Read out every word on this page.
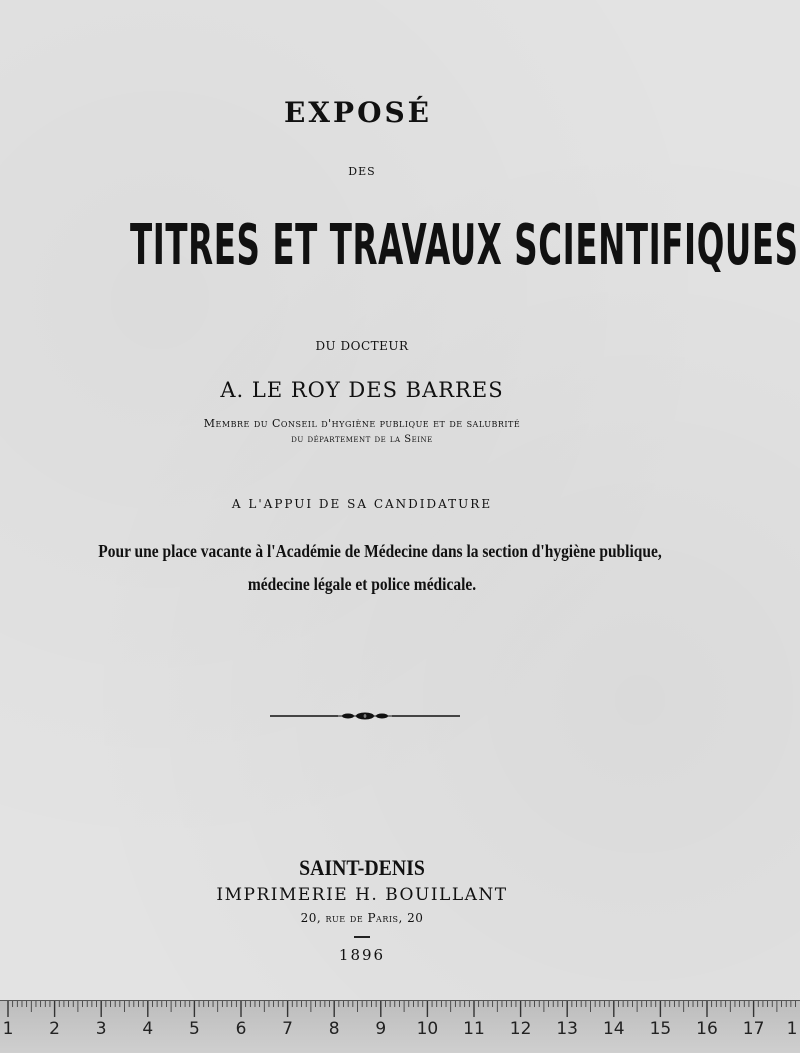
EXPOSÉ
DES
TITRES ET TRAVAUX SCIENTIFIQUES
DU DOCTEUR
A. LE ROY DES BARRES
Membre du Conseil d'hygiène publique et de salubrité
du département de la Seine
A L'APPUI DE SA CANDIDATURE
Pour une place vacante à l'Académie de Médecine dans la section d'hygiène publique,
médecine légale et police médicale.
SAINT-DENIS
IMPRIMERIE H. BOUILLANT
20, rue de Paris, 20
1896
1 2 3 4 5 6 7 8 9 10 11 12 13 14 15 16 17 1
